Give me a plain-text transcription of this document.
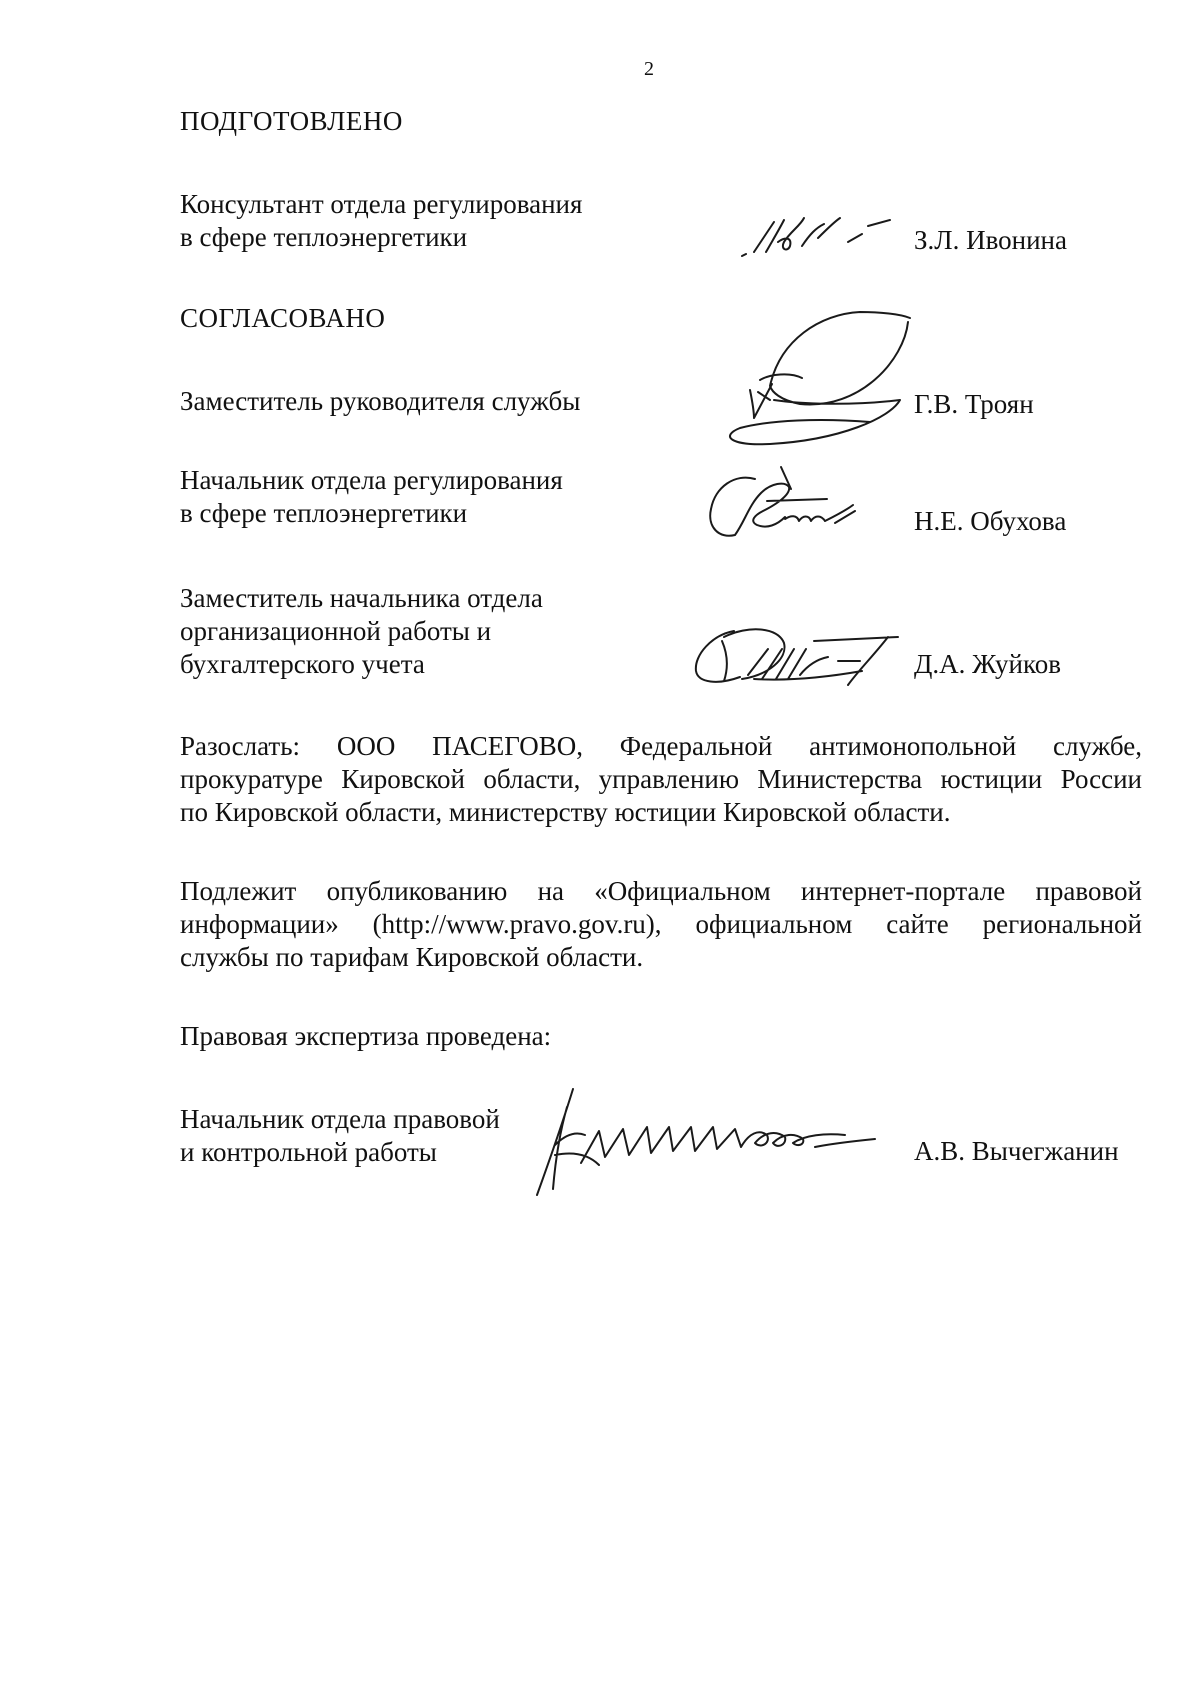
2
ПОДГОТОВЛЕНО
Консультант отдела регулирования
в сфере теплоэнергетики	З.Л. Ивонина
СОГЛАСОВАНО
Заместитель руководителя службы	Г.В. Троян
Начальник отдела регулирования
в сфере теплоэнергетики	Н.Е. Обухова
Заместитель начальника отдела
организационной работы и
бухгалтерского учета	Д.А. Жуйков
Разослать: ООО ПАСЕГОВО, Федеральной антимонопольной службе,
прокуратуре Кировской области, управлению Министерства юстиции России
по Кировской области, министерству юстиции Кировской области.
Подлежит опубликованию на «Официальном интернет-портале правовой
информации» (http://www.pravo.gov.ru), официальном сайте региональной
службы по тарифам Кировской области.
Правовая экспертиза проведена:
Начальник отдела правовой
и контрольной работы	А.В. Вычегжанин
